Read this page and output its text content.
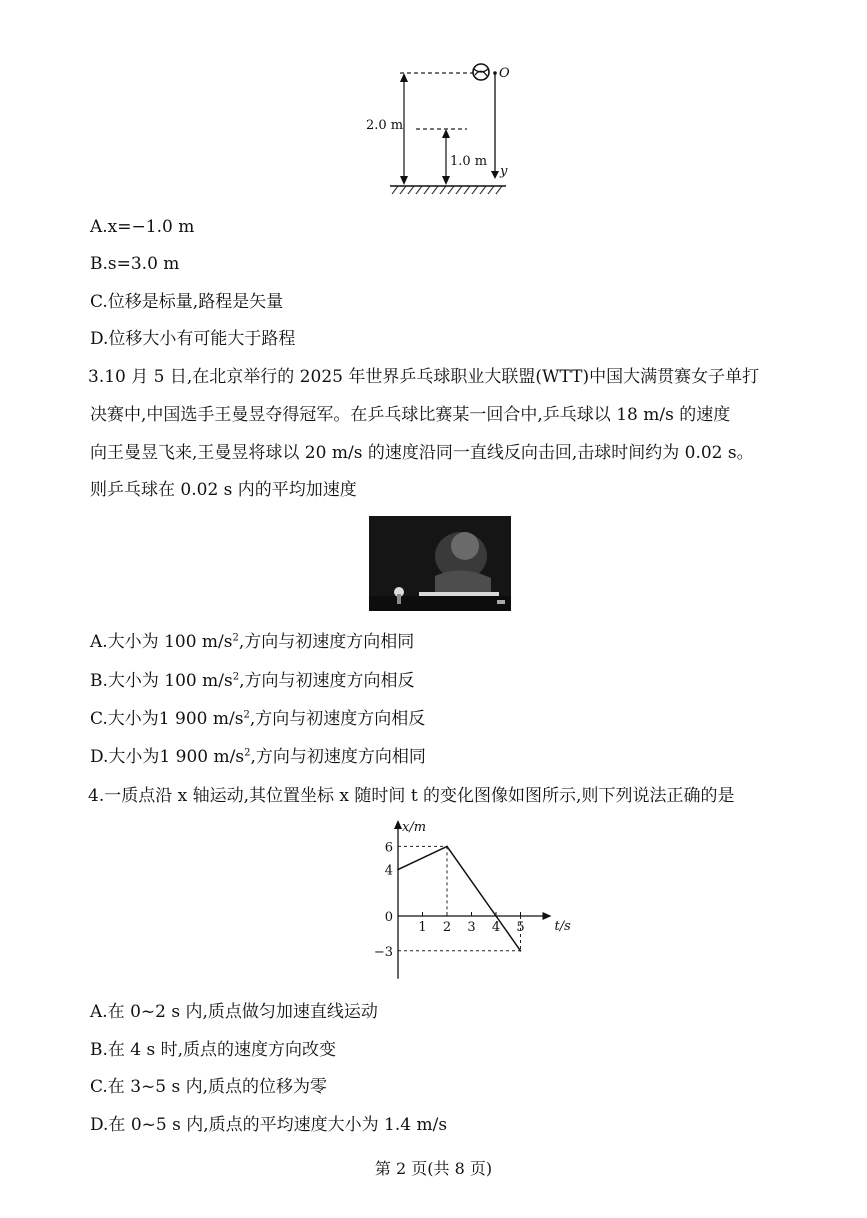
O
y
2.0 m
1.0 m
A.x=−1.0 m
B.s=3.0 m
C.位移是标量,路程是矢量
D.位移大小有可能大于路程
3.10 月 5 日,在北京举行的 2025 年世界乒乓球职业大联盟(WTT)中国大满贯赛女子单打
决赛中,中国选手王曼昱夺得冠军。在乒乓球比赛某一回合中,乒乓球以 18 m/s 的速度
向王曼昱飞来,王曼昱将球以 20 m/s 的速度沿同一直线反向击回,击球时间约为 0.02 s。
则乒乓球在 0.02 s 内的平均加速度
A.大小为 100 $m/s^2$,方向与初速度方向相同
B.大小为 100 $m/s^2$,方向与初速度方向相反
C.大小为1 900 $m/s^2$,方向与初速度方向相反
D.大小为1 900 $m/s^2$,方向与初速度方向相同
4.一质点沿 x 轴运动,其位置坐标 x 随时间 t 的变化图像如图所示,则下列说法正确的是
x/m
t/s
1 2 3 4 5
6
4
0
−3
A.在 0~2 s 内,质点做匀加速直线运动
B.在 4 s 时,质点的速度方向改变
C.在 3~5 s 内,质点的位移为零
D.在 0~5 s 内,质点的平均速度大小为 1.4 m/s
第 2 页(共 8 页)
